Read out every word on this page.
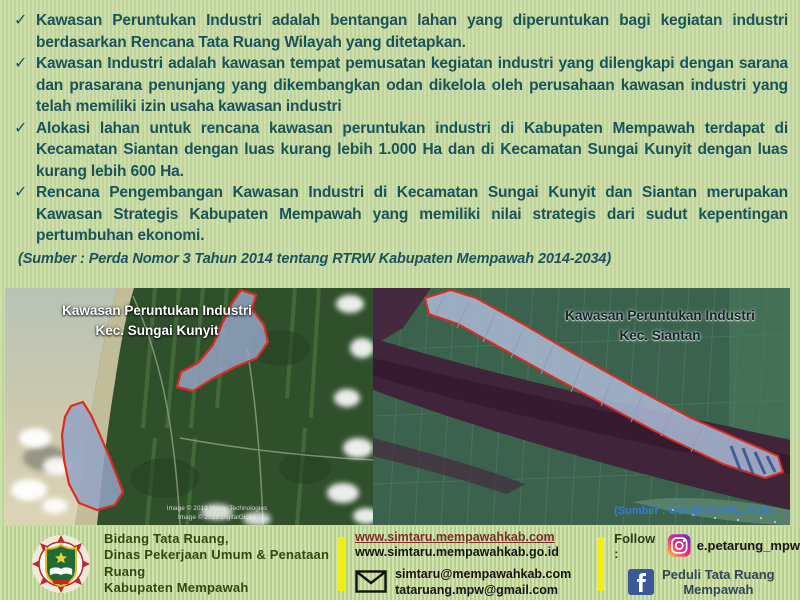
✓ Kawasan Peruntukan Industri adalah bentangan lahan yang diperuntukan bagi kegiatan industri berdasarkan Rencana Tata Ruang Wilayah yang ditetapkan.

✓ Kawasan Industri adalah kawasan tempat pemusatan kegiatan industri yang dilengkapi dengan sarana dan prasarana penunjang yang dikembangkan odan dikelola oleh perusahaan kawasan industri yang telah memiliki izin usaha kawasan industri

✓ Alokasi lahan untuk rencana kawasan peruntukan industri di Kabupaten Mempawah terdapat di Kecamatan Siantan dengan luas kurang lebih 1.000 Ha dan di Kecamatan Sungai Kunyit dengan luas kurang lebih 600 Ha.

✓ Rencana Pengembangan Kawasan Industri di Kecamatan Sungai Kunyit dan Siantan merupakan Kawasan Strategis Kabupaten Mempawah yang memiliki nilai strategis dari sudut kepentingan pertumbuhan ekonomi.

(Sumber : Perda Nomor 3 Tahun 2014 tentang RTRW Kabupaten Mempawah 2014-2034)

Kawasan Peruntukan Industri
Kec. Sungai Kunyit
Image © 2019 Maxar Technologies
Image © 2019 DigitalGlobe
Kawasan Peruntukan Industri
Kec. Siantan
(Sumber : Google Earth, 2019)
Bidang Tata Ruang,
Dinas Pekerjaan Umum & Penataan Ruang
Kabupaten Mempawah
www.simtaru.mempawahkab.com
www.simtaru.mempawahkab.go.id
simtaru@mempawahkab.com
tataruang.mpw@gmail.com
Follow :	e.petarung_mpw
Peduli Tata Ruang
Mempawah
